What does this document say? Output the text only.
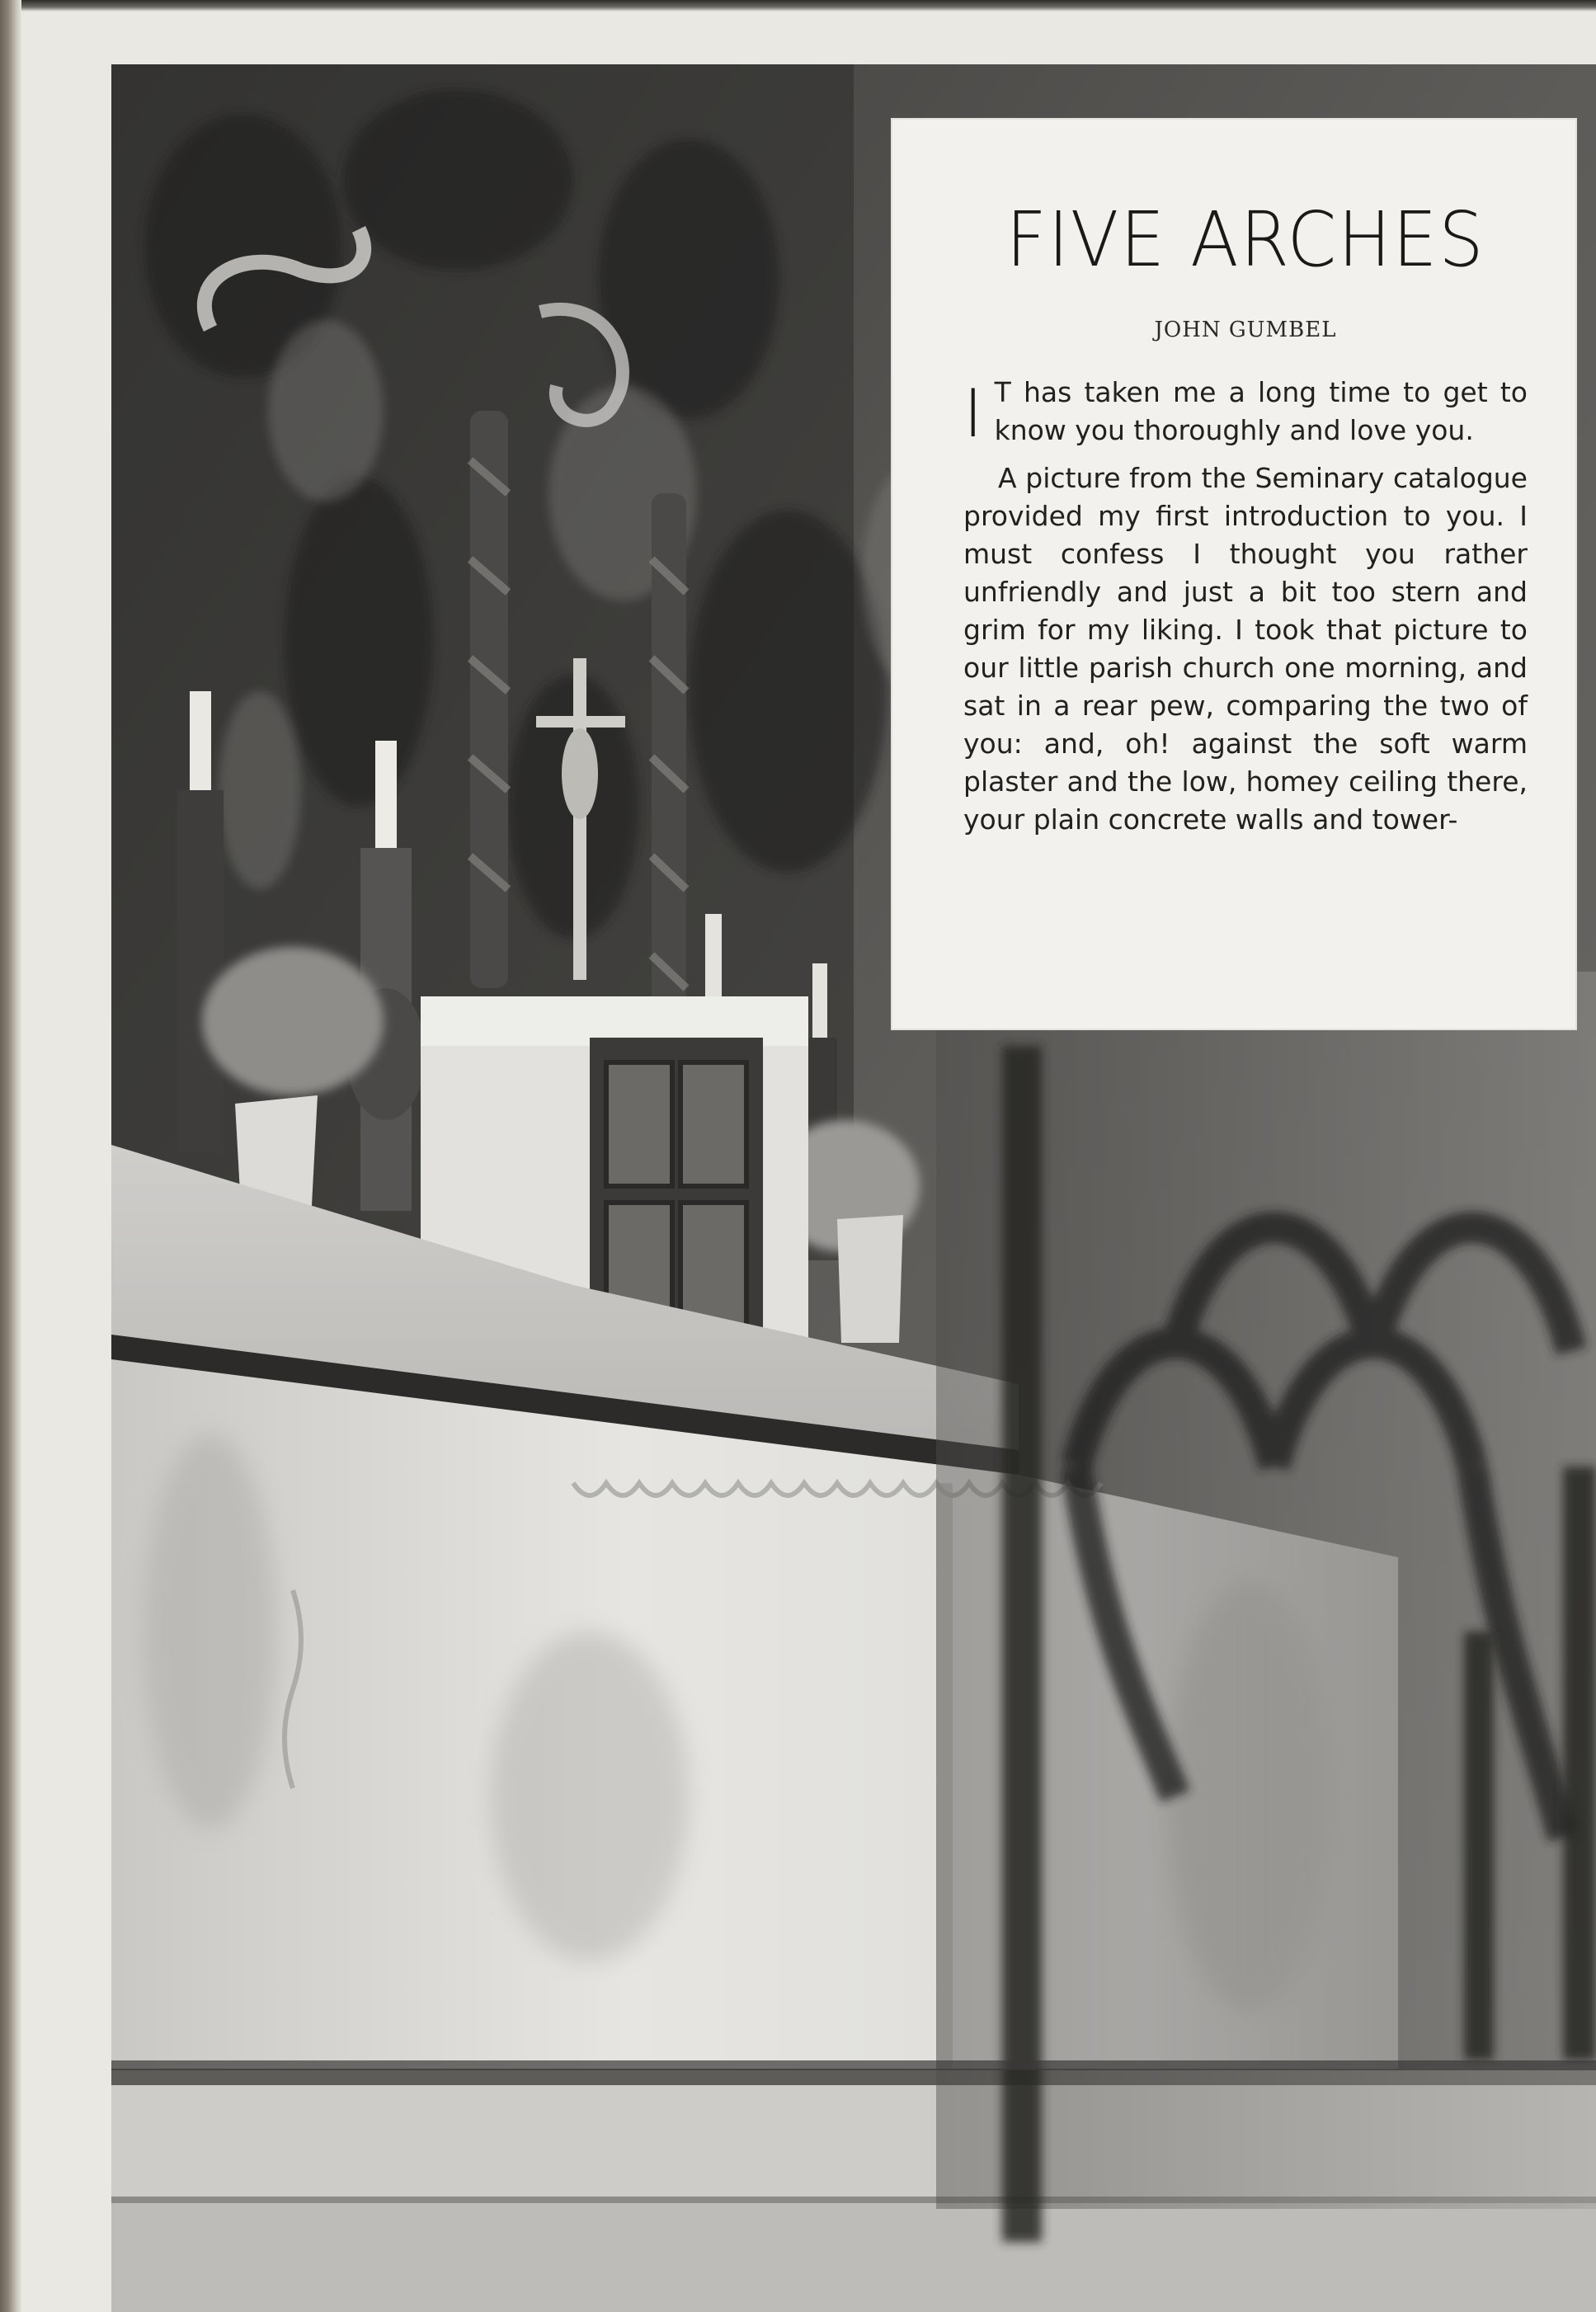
FIVE ARCHES
JOHN GUMBEL

I T has taken me a long time to get to know you thoroughly and love you.

A picture from the Seminary catalogue provided my first introduction to you. I must confess I thought you rather unfriendly and just a bit too stern and grim for my liking. I took that picture to our little parish church one morning, and sat in a rear pew, comparing the two of you: and, oh! against the soft warm plaster and the low, homey ceiling there, your plain concrete walls and tower-
